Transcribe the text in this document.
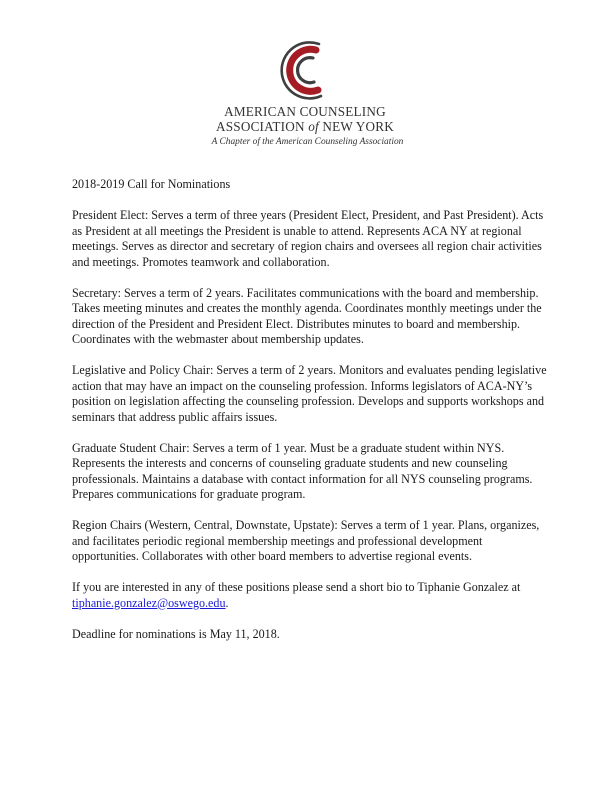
AMERICAN COUNSELING
ASSOCIATION of NEW YORK
A Chapter of the American Counseling Association

2018-2019 Call for Nominations

President Elect: Serves a term of three years (President Elect, President, and Past President). Acts as President at all meetings the President is unable to attend. Represents ACA NY at regional meetings. Serves as director and secretary of region chairs and oversees all region chair activities and meetings. Promotes teamwork and collaboration.

Secretary: Serves a term of 2 years. Facilitates communications with the board and membership. Takes meeting minutes and creates the monthly agenda. Coordinates monthly meetings under the direction of the President and President Elect. Distributes minutes to board and membership. Coordinates with the webmaster about membership updates.

Legislative and Policy Chair: Serves a term of 2 years. Monitors and evaluates pending legislative action that may have an impact on the counseling profession. Informs legislators of ACA-NY’s position on legislation affecting the counseling profession. Develops and supports workshops and seminars that address public affairs issues.

Graduate Student Chair: Serves a term of 1 year. Must be a graduate student within NYS. Represents the interests and concerns of counseling graduate students and new counseling professionals. Maintains a database with contact information for all NYS counseling programs. Prepares communications for graduate program.

Region Chairs (Western, Central, Downstate, Upstate): Serves a term of 1 year. Plans, organizes, and facilitates periodic regional membership meetings and professional development opportunities. Collaborates with other board members to advertise regional events.

If you are interested in any of these positions please send a short bio to Tiphanie Gonzalez at
tiphanie.gonzalez@oswego.edu.

Deadline for nominations is May 11, 2018.
